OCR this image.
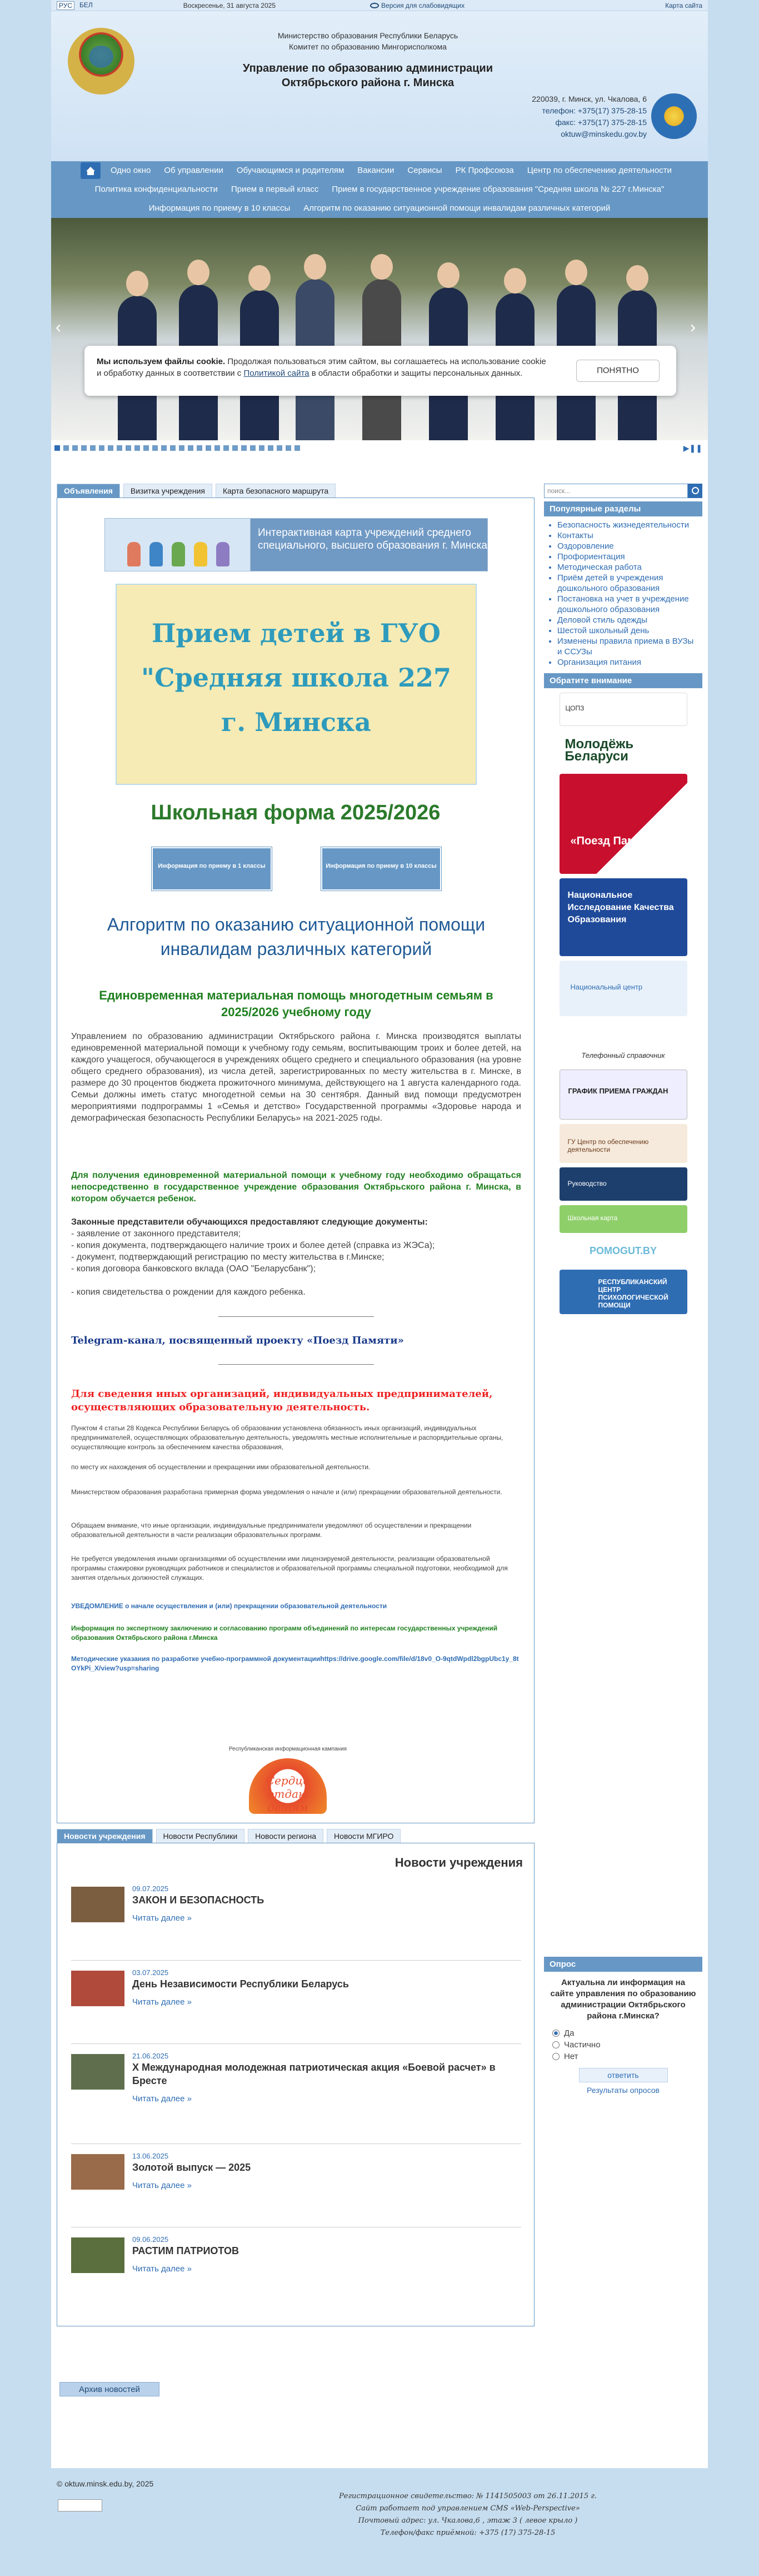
РУС	БЕЛ	Воскресенье, 31 августа 2025	Версия для слабовидящих	Карта сайта
Министерство образования Республики Беларусь
Комитет по образованию Мингорисполкома
Управление по образованию администрации
Октябрьского района г. Минска
220039, г. Минск, ул. Чкалова, 6
телефон: +375(17) 375-28-15
факс: +375(17) 375-28-15
oktuw@minskedu.gov.by
Одно окно	Об управлении	Обучающимся и родителям	Вакансии	Сервисы	РК Профсоюза	Центр по обеспечению деятельности
Политика конфиденциальности	Прием в первый класс	Прием в государственное учреждение образования "Средняя школа № 227 г.Минска"
Информация по приему в 10 классы	Алгоритм по оказанию ситуационной помощи инвалидам различных категорий
‹	›
Мы используем файлы cookie. Продолжая пользоваться этим сайтом, вы соглашаетесь на использование cookie
и обработку данных в соответствии с Политикой сайта в области обработки и защиты персональных данных.	ПОНЯТНО
▶❚❚
Объявления	Визитка учреждения	Карта безопасного маршрута
Интерактивная карта учреждений среднего специального, высшего образования г. Минска
Прием детей в ГУО
"Средняя школа 227
г. Минска
Школьная форма 2025/2026
Информация по приему в 1 классы	Информация по приему в 10 классы
Алгоритм по оказанию ситуационной помощи инвалидам различных категорий
Единовременная материальная помощь многодетным семьям в 2025/2026 учебному году
Управлением по образованию администрации Октябрьского района г. Минска производятся выплаты единовременной материальной помощи к учебному году семьям, воспитывающим троих и более детей, на каждого учащегося, обучающегося в учреждениях общего среднего и специального образования (на уровне общего среднего образования), из числа детей, зарегистрированных по месту жительства в г. Минске, в размере до 30 процентов бюджета прожиточного минимума, действующего на 1 августа календарного года. Семьи должны иметь статус многодетной семьи на 30 сентября. Данный вид помощи предусмотрен мероприятиями подпрограммы 1 «Семья и детство» Государственной программы «Здоровье народа и демографическая безопасность Республики Беларусь» на 2021-2025 годы.
Для получения единовременной материальной помощи к учебному году необходимо обращаться непосредственно в государственное учреждение образования Октябрьского района г. Минска, в котором обучается ребенок.
Законные представители обучающихся предоставляют следующие документы:
- заявление от законного представителя;
- копия документа, подтверждающего наличие троих и более детей (справка из ЖЭСа);
- документ, подтверждающий регистрацию по месту жительства в г.Минске;
- копия договора банковского вклада (ОАО "Беларусбанк");
- копия свидетельства о рождении для каждого ребенка.
Telegram-канал, посвященный проекту «Поезд Памяти»
Для сведения иных организаций, индивидуальных предпринимателей, осуществляющих образовательную деятельность.
Пунктом 4 статьи 28 Кодекса Республики Беларусь об образовании установлена обязанность иных организаций, индивидуальных предпринимателей, осуществляющих образовательную деятельность, уведомлять местные исполнительные и распорядительные органы, осуществляющие контроль за обеспечением качества образования,
по месту их нахождения об осуществлении и прекращении ими образовательной деятельности.
Министерством образования разработана примерная форма уведомления о начале и (или) прекращении образовательной деятельности.
Обращаем внимание, что иные организации, индивидуальные предприниматели уведомляют об осуществлении и прекращении образовательной деятельности в части реализации образовательных программ.
Не требуется уведомления иными организациями об осуществлении ими лицензируемой деятельности, реализации образовательной программы стажировки руководящих работников и специалистов и образовательной программы специальной подготовки, необходимой для занятия отдельных должностей служащих.
УВЕДОМЛЕНИЕ о начале осуществления и (или) прекращении образовательной деятельности
Информация по экспертному заключению и согласованию программ объединений по интересам государственных учреждений образования Октябрьского района г.Минска
Методические указания по разработке учебно-программной документацииhttps://drive.google.com/file/d/18v0_O-9qtdWpdl2bgpUbc1y_8tOYkPi_X/view?usp=sharing
Республиканская информационная кампания
Сердце отдаю детям
Новости учреждения	Новости Республики	Новости региона	Новости МГИРО
Новости учреждения
09.07.2025
ЗАКОН И БЕЗОПАСНОСТЬ
Читать далее »
03.07.2025
День Независимости Республики Беларусь
Читать далее »
21.06.2025
X Международная молодежная патриотическая акция «Боевой расчет» в Бресте
Читать далее »
13.06.2025
Золотой выпуск — 2025
Читать далее »
09.06.2025
РАСТИМ ПАТРИОТОВ
Читать далее »
Архив новостей
поиск...
Популярные разделы
• Безопасность жизнедеятельности
• Контакты
• Оздоровление
• Профориентация
• Методическая работа
• Приём детей в учреждения дошкольного образования
• Постановка на учет в учреждение дошкольного образования
• Деловой стиль одежды
• Шестой школьный день
• Изменены правила приема в ВУЗы и ССУЗы
• Организация питания
Обратите внимание
ЦОПЗ
Молодёжь Беларуси
«Поезд Памяти»
Национальное Исследование Качества Образования
Национальный центр
Телефонный справочник
ГРАФИК ПРИЕМА ГРАЖДАН
ГУ Центр по обеспечению деятельности
Руководство
Школьная карта
POMOGUT.BY
РЕСПУБЛИКАНСКИЙ ЦЕНТР ПСИХОЛОГИЧЕСКОЙ ПОМОЩИ
Опрос
Актуальна ли информация на сайте управления по образованию администрации Октябрьского района г.Минска?
Да
Частично
Нет
ответить
Результаты опросов
© oktuw.minsk.edu.by, 2025
Регистрационное свидетельство: № 1141505003 от 26.11.2015 г.
Сайт работает под управлением CMS «Web-Perspective»
Почтовый адрес: ул. Чкалова,6 , этаж 3 ( левое крыло )
Телефон/факс приёмной: +375 (17) 375-28-15
